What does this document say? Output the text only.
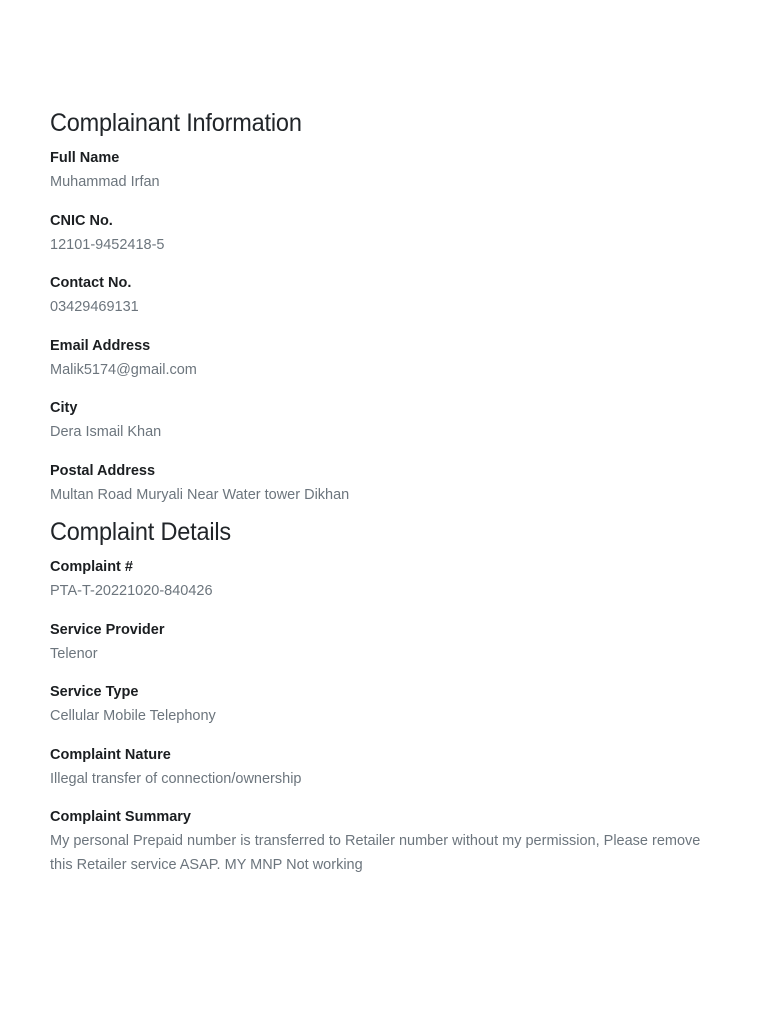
Complainant Information
Full Name
Muhammad Irfan
CNIC No.
12101-9452418-5
Contact No.
03429469131
Email Address
Malik5174@gmail.com
City
Dera Ismail Khan
Postal Address
Multan Road Muryali Near Water tower Dikhan
Complaint Details
Complaint #
PTA-T-20221020-840426
Service Provider
Telenor
Service Type
Cellular Mobile Telephony
Complaint Nature
Illegal transfer of connection/ownership
Complaint Summary
My personal Prepaid number is transferred to Retailer number without my permission, Please remove this Retailer service ASAP. MY MNP Not working
